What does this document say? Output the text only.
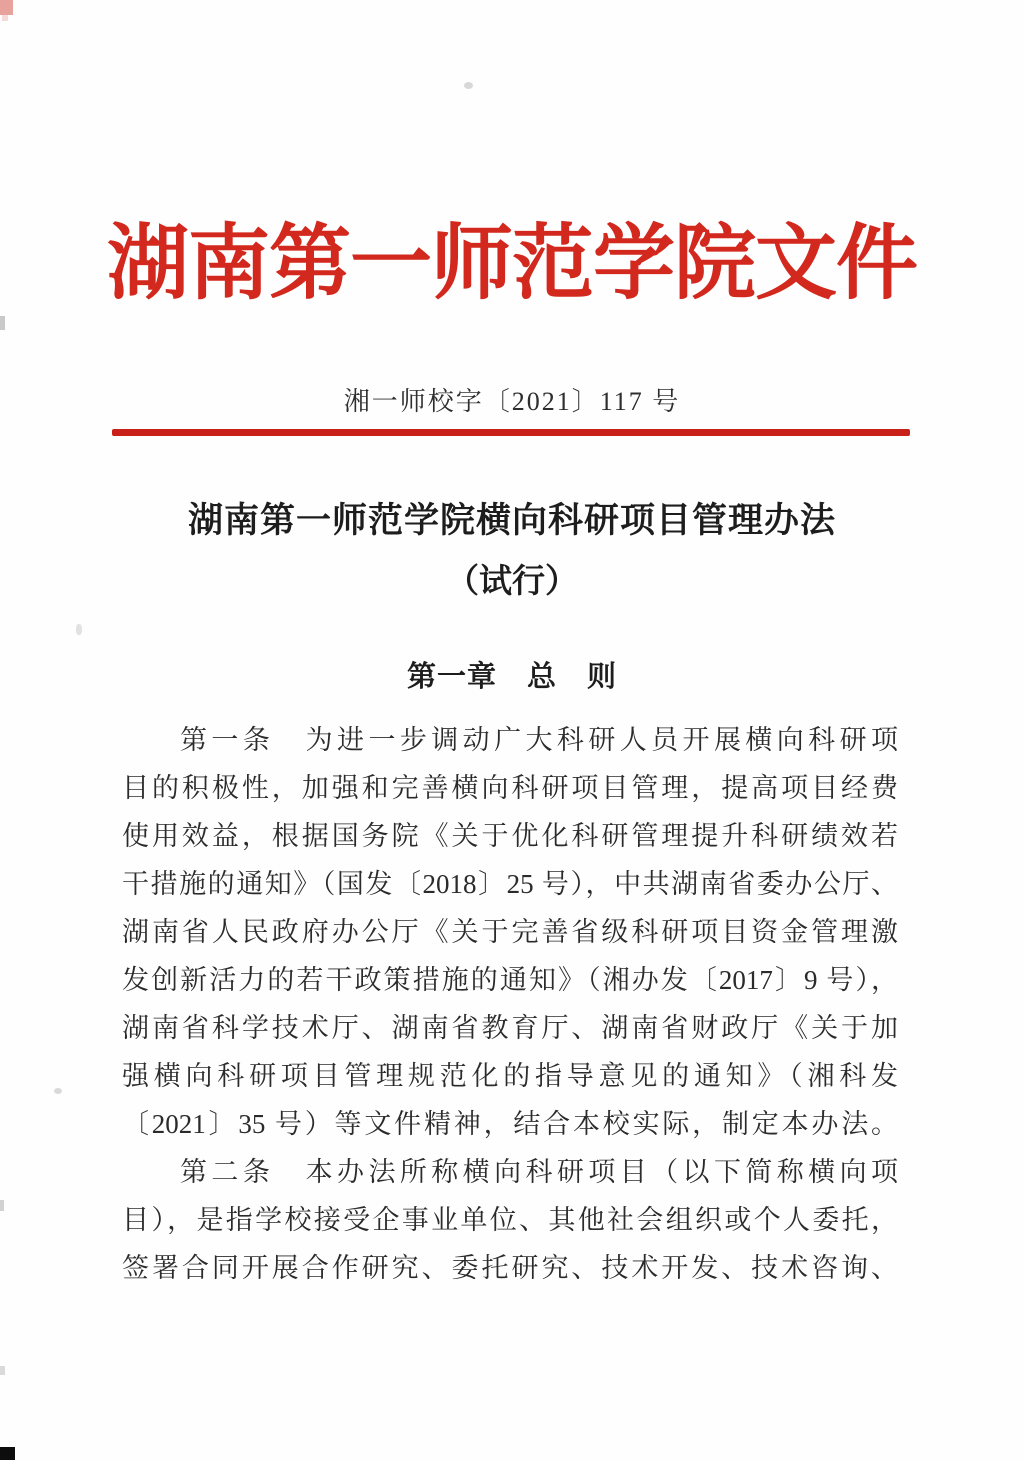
湖南第一师范学院文件
湘一师校字〔2021〕117 号
湖南第一师范学院横向科研项目管理办法
（试行）
第一章　总　则
第一条　为进一步调动广大科研人员开展横向科研项
目的积极性，加强和完善横向科研项目管理，提高项目经费
使用效益，根据国务院《关于优化科研管理提升科研绩效若
干措施的通知》（国发〔2018〕25 号），中共湖南省委办公厅、
湖南省人民政府办公厅《关于完善省级科研项目资金管理激
发创新活力的若干政策措施的通知》（湘办发〔2017〕9 号），
湖南省科学技术厅、湖南省教育厅、湖南省财政厅《关于加
强横向科研项目管理规范化的指导意见的通知》（湘科发
〔2021〕35 号）等文件精神，结合本校实际，制定本办法。
第二条　本办法所称横向科研项目（以下简称横向项
目），是指学校接受企事业单位、其他社会组织或个人委托，
签署合同开展合作研究、委托研究、技术开发、技术咨询、
